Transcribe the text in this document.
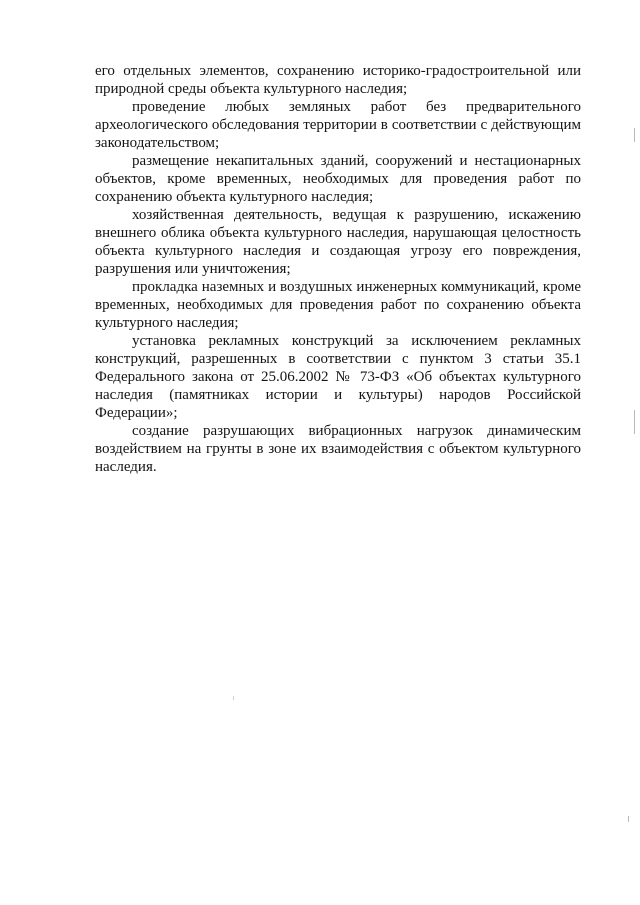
его отдельных элементов, сохранению историко-градостроительной или природной среды объекта культурного наследия;

проведение любых земляных работ без предварительного археологического обследования территории в соответствии с действующим законодательством;

размещение некапитальных зданий, сооружений и нестационарных объектов, кроме временных, необходимых для проведения работ по сохранению объекта культурного наследия;

хозяйственная деятельность, ведущая к разрушению, искажению внешнего облика объекта культурного наследия, нарушающая целостность объекта культурного наследия и создающая угрозу его повреждения, разрушения или уничтожения;

прокладка наземных и воздушных инженерных коммуникаций, кроме временных, необходимых для проведения работ по сохранению объекта культурного наследия;

установка рекламных конструкций за исключением рекламных конструкций, разрешенных в соответствии с пунктом 3 статьи 35.1 Федерального закона от 25.06.2002 № 73-ФЗ «Об объектах культурного наследия (памятниках истории и культуры) народов Российской Федерации»;

создание разрушающих вибрационных нагрузок динамическим воздействием на грунты в зоне их взаимодействия с объектом культурного наследия.
